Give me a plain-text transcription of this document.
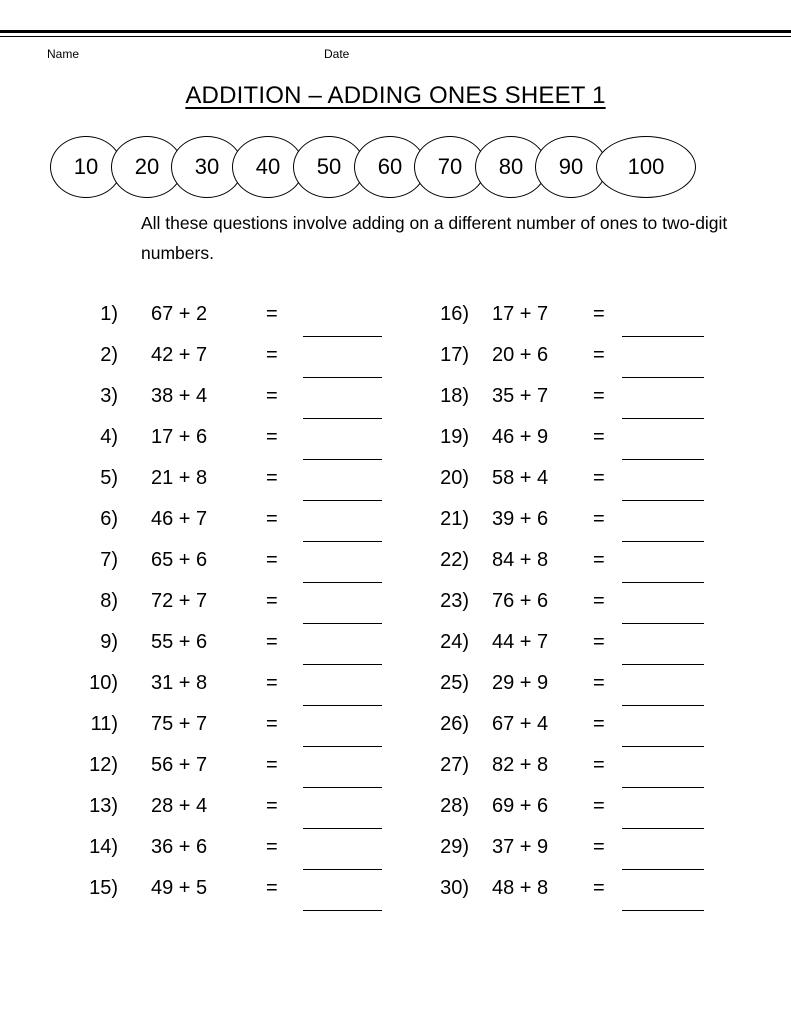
Name	Date
ADDITION – ADDING ONES SHEET 1
10	20	30	40	50	60	70	80	90	100

All these questions involve adding on a different number of ones to two-digit numbers.

1) 67 + 2	=
2) 42 + 7	=
3) 38 + 4	=
4) 17 + 6	=
5) 21 + 8	=
6) 46 + 7	=
7) 65 + 6	=
8) 72 + 7	=
9) 55 + 6	=
10) 31 + 8	=
11) 75 + 7	=
12) 56 + 7	=
13) 28 + 4	=
14) 36 + 6	=
15) 49 + 5	=
16) 17 + 7 =
17) 20 + 6 =
18) 35 + 7 =
19) 46 + 9 =
20) 58 + 4 =
21) 39 + 6 =
22) 84 + 8 =
23) 76 + 6 =
24) 44 + 7 =
25) 29 + 9 =
26) 67 + 4 =
27) 82 + 8 =
28) 69 + 6 =
29) 37 + 9 =
30) 48 + 8 =
